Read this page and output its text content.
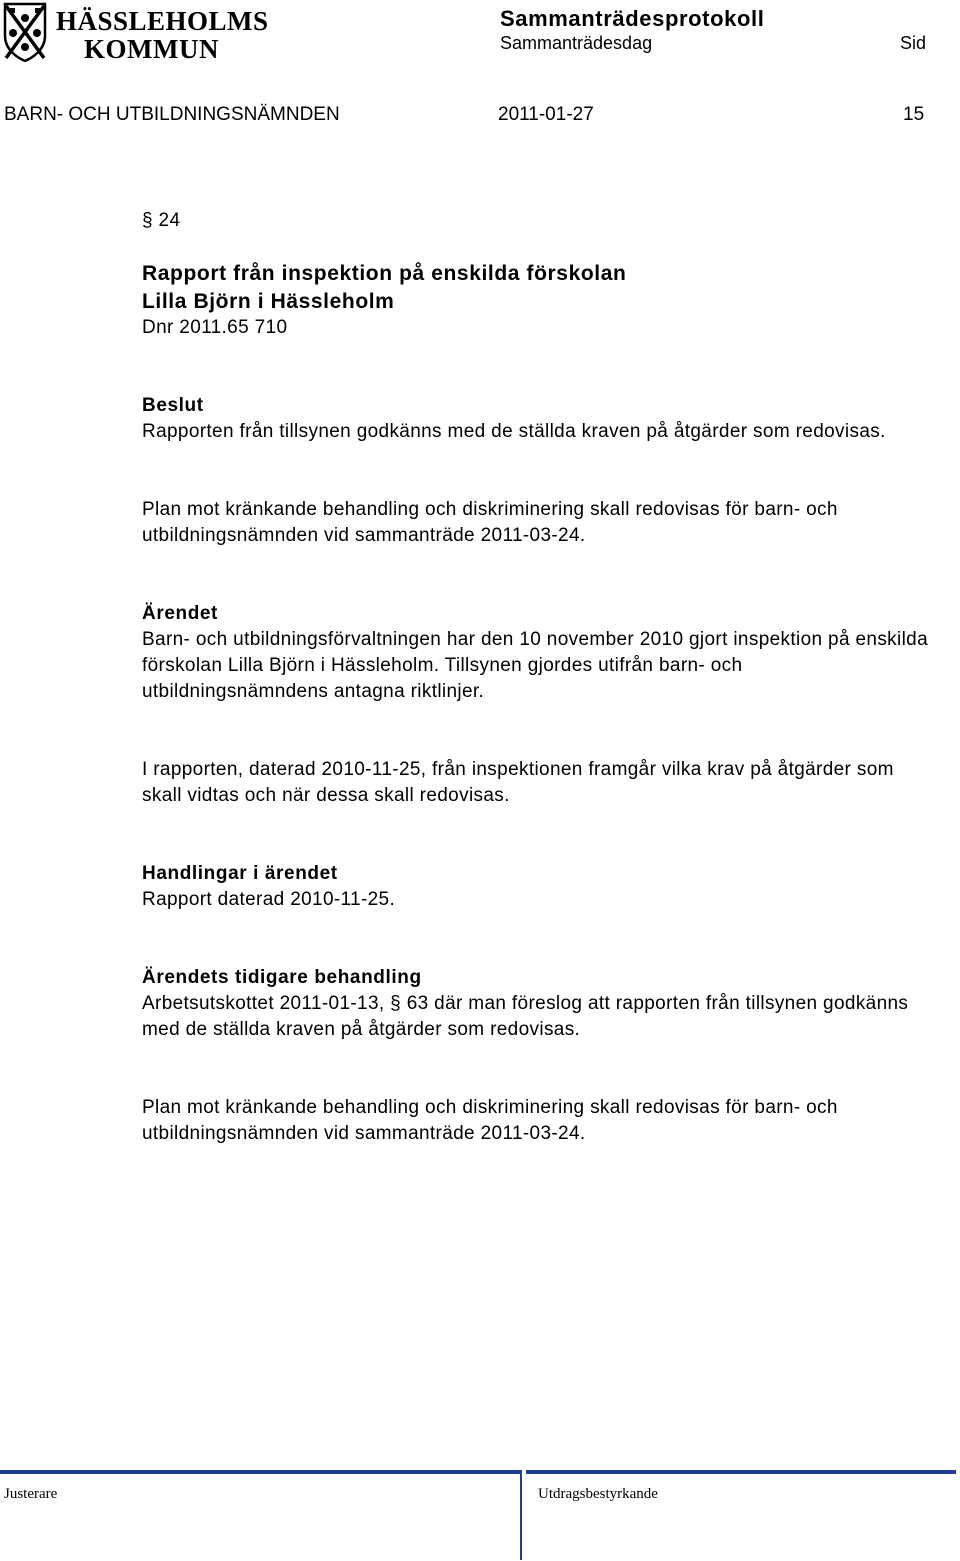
HÄSSLEHOLMS
KOMMUN
Sammanträdesprotokoll
Sammanträdesdag	Sid
BARN- OCH UTBILDNINGSNÄMNDEN	2011-01-27	15
§ 24

Rapport från inspektion på enskilda förskolan

Lilla Björn i Hässleholm

Dnr 2011.65 710

Beslut

Rapporten från tillsynen godkänns med de ställda kraven på åtgärder som redovisas.

Plan mot kränkande behandling och diskriminering skall redovisas för barn- och utbildningsnämnden vid sammanträde 2011-03-24.

Ärendet

Barn- och utbildningsförvaltningen har den 10 november 2010 gjort inspektion på enskilda förskolan Lilla Björn i Hässleholm. Tillsynen gjordes utifrån barn- och utbildningsnämndens antagna riktlinjer.

I rapporten, daterad 2010-11-25, från inspektionen framgår vilka krav på åtgärder som skall vidtas och när dessa skall redovisas.

Handlingar i ärendet

Rapport daterad 2010-11-25.

Ärendets tidigare behandling

Arbetsutskottet 2011-01-13, § 63 där man föreslog att rapporten från tillsynen godkänns med de ställda kraven på åtgärder som redovisas.

Plan mot kränkande behandling och diskriminering skall redovisas för barn- och utbildningsnämnden vid sammanträde 2011-03-24.
Justerare	Utdragsbestyrkande
